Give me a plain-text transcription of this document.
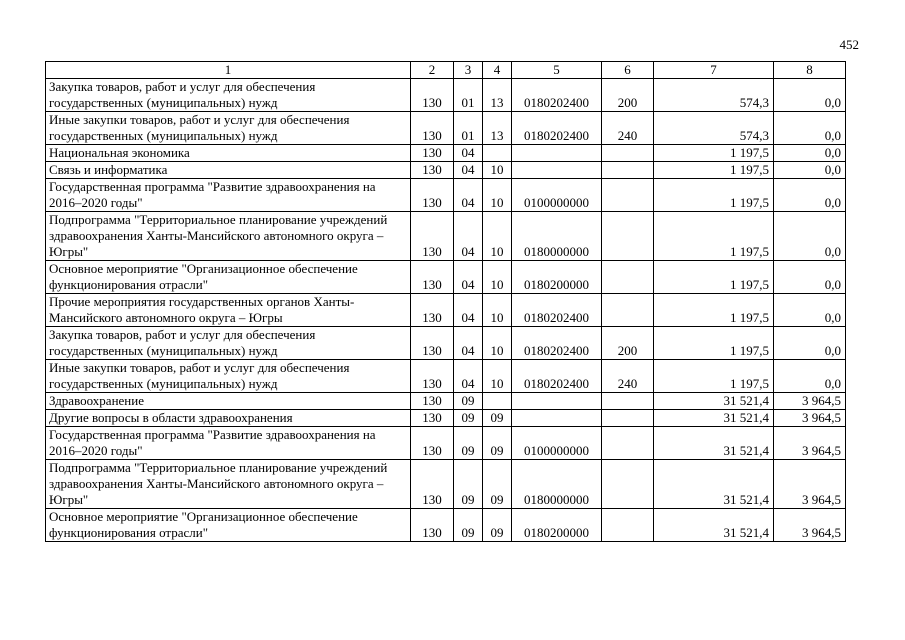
452
1	2	3	4	5	6	7	8
Закупка товаров, работ и услуг для обеспечения государственных (муниципальных) нужд	130	01	13	0180202400	200	574,3	0,0
Иные закупки товаров, работ и услуг для обеспечения государственных (муниципальных) нужд	130	01	13	0180202400	240	574,3	0,0
Национальная экономика	130	04				1 197,5	0,0
Связь и информатика	130	04	10			1 197,5	0,0
Государственная программа "Развитие здравоохранения на 2016–2020 годы"	130	04	10	0100000000		1 197,5	0,0
Подпрограмма "Территориальное планирование учреждений здравоохранения Ханты-Мансийского автономного округа – Югры"	130	04	10	0180000000		1 197,5	0,0
Основное мероприятие "Организационное обеспечение функционирования отрасли"	130	04	10	0180200000		1 197,5	0,0
Прочие мероприятия государственных органов Ханты-Мансийского автономного округа – Югры	130	04	10	0180202400		1 197,5	0,0
Закупка товаров, работ и услуг для обеспечения государственных (муниципальных) нужд	130	04	10	0180202400	200	1 197,5	0,0
Иные закупки товаров, работ и услуг для обеспечения государственных (муниципальных) нужд	130	04	10	0180202400	240	1 197,5	0,0
Здравоохранение	130	09				31 521,4	3 964,5
Другие вопросы в области здравоохранения	130	09	09			31 521,4	3 964,5
Государственная программа "Развитие здравоохранения на 2016–2020 годы"	130	09	09	0100000000		31 521,4	3 964,5
Подпрограмма "Территориальное планирование учреждений здравоохранения Ханты-Мансийского автономного округа – Югры"	130	09	09	0180000000		31 521,4	3 964,5
Основное мероприятие "Организационное обеспечение функционирования отрасли"	130	09	09	0180200000		31 521,4	3 964,5
